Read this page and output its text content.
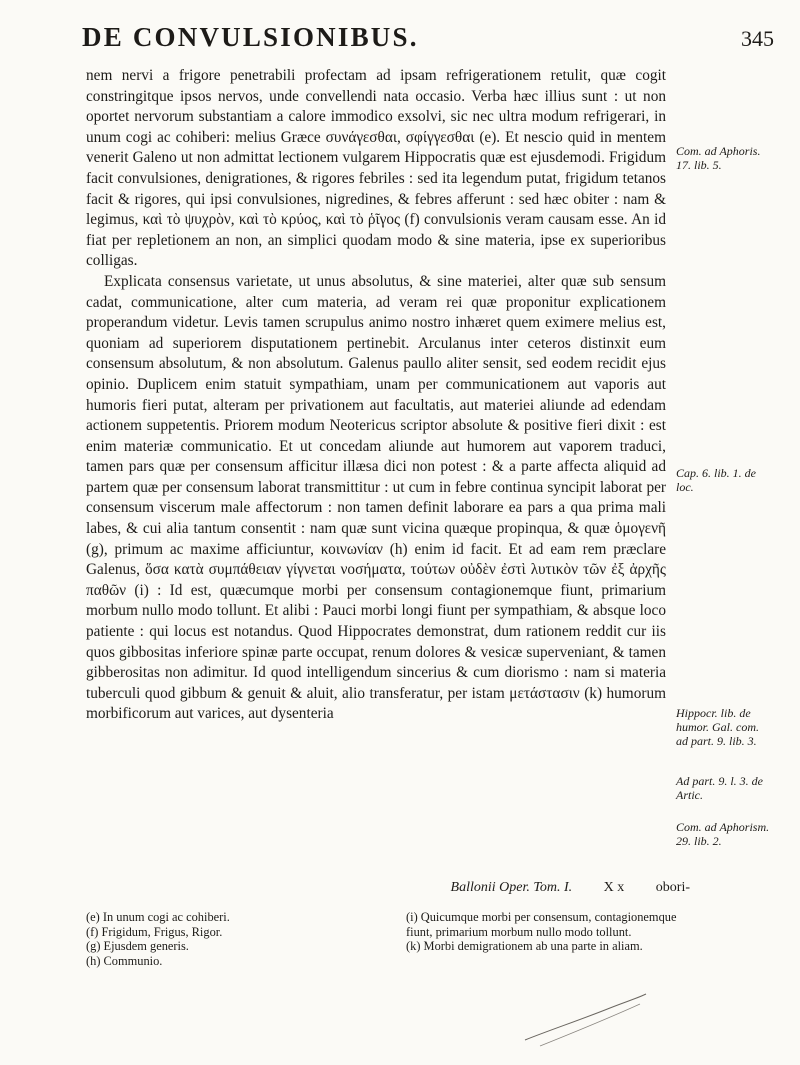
DE CONVULSIONIBUS.	345

nem nervi a frigore penetrabili profectam ad ipsam refrigerationem retulit, quæ cogit constringitque ipsos nervos, unde convellendi nata occasio. Verba hæc illius sunt : ut non oportet nervorum substantiam a calore immodico exsolvi, sic nec ultra modum refrigerari, in unum cogi ac cohiberi: melius Græce συνάγεσθαι, σφίγγεσθαι (e). Et nescio quid in mentem venerit Galeno ut non admittat lectionem vulgarem Hippocratis quæ est ejusdemodi. Frigidum facit convulsiones, denigrationes, & rigores febriles : sed ita legendum putat, frigidum tetanos facit & rigores, qui ipsi convulsiones, nigredines, & febres afferunt : sed hæc obiter : nam & legimus, καὶ τὸ ψυχρὸν, καὶ τὸ κρύος, καὶ τὸ ῥῖγος (f) convulsionis veram causam esse. An id fiat per repletionem an non, an simplici quodam modo & sine materia, ipse ex superioribus colligas.

Explicata consensus varietate, ut unus absolutus, & sine materiei, alter quæ sub sensum cadat, communicatione, alter cum materia, ad veram rei quæ proponitur explicationem properandum videtur. Levis tamen scrupulus animo nostro inhæret quem eximere melius est, quoniam ad superiorem disputationem pertinebit. Arculanus inter ceteros distinxit eum consensum absolutum, & non absolutum. Galenus paullo aliter sensit, sed eodem recidit ejus opinio. Duplicem enim statuit sympathiam, unam per communicationem aut vaporis aut humoris fieri putat, alteram per privationem aut facultatis, aut materiei aliunde ad edendam actionem suppetentis. Priorem modum Neotericus scriptor absolute & positive fieri dixit : est enim materiæ communicatio. Et ut concedam aliunde aut humorem aut vaporem traduci, tamen pars quæ per consensum afficitur illæsa dici non potest : & a parte affecta aliquid ad partem quæ per consensum laborat transmittitur : ut cum in febre continua syncipit laborat per consensum viscerum male affectorum : non tamen definit laborare ea pars a qua prima mali labes, & cui alia tantum consentit : nam quæ sunt vicina quæque propinqua, & quæ ὁμογενῆ (g), primum ac maxime afficiuntur, κοινωνίαν (h) enim id facit. Et ad eam rem præclare Galenus, ὅσα κατὰ συμπάθειαν γίγνεται νοσήματα, τούτων οὐδὲν ἐστὶ λυτικὸν τῶν ἐξ ἀρχῆς παθῶν (i) : Id est, quæcumque morbi per consensum contagionemque fiunt, primarium morbum nullo modo tollunt. Et alibi : Pauci morbi longi fiunt per sympathiam, & absque loco patiente : qui locus est notandus. Quod Hippocrates demonstrat, dum rationem reddit cur iis quos gibbositas inferiore spinæ parte occupat, renum dolores & vesicæ superveniant, & tamen gibberositas non adimitur. Id quod intelligendum sincerius & cum diorismo : nam si materia tuberculi quod gibbum & genuit & aluit, alio transferatur, per istam μετάστασιν (k) humorum morbificorum aut varices, aut dysenteria

Com. ad Aphoris. 17. lib. 5.
Cap. 6. lib. 1. de loc.
Hippocr. lib. de humor. Gal. com. ad part. 9. lib. 3.
Ad part. 9. l. 3. de Artic.
Com. ad Aphorism. 29. lib. 2.
Ballonii Oper. Tom. I. X x obori-

(e) In unum cogi ac cohiberi.

(f) Frigidum, Frigus, Rigor.

(g) Ejusdem generis.

(h) Communio.

(i) Quicumque morbi per consensum, contagionemque fiunt, primarium morbum nullo modo tollunt.

(k) Morbi demigrationem ab una parte in aliam.
